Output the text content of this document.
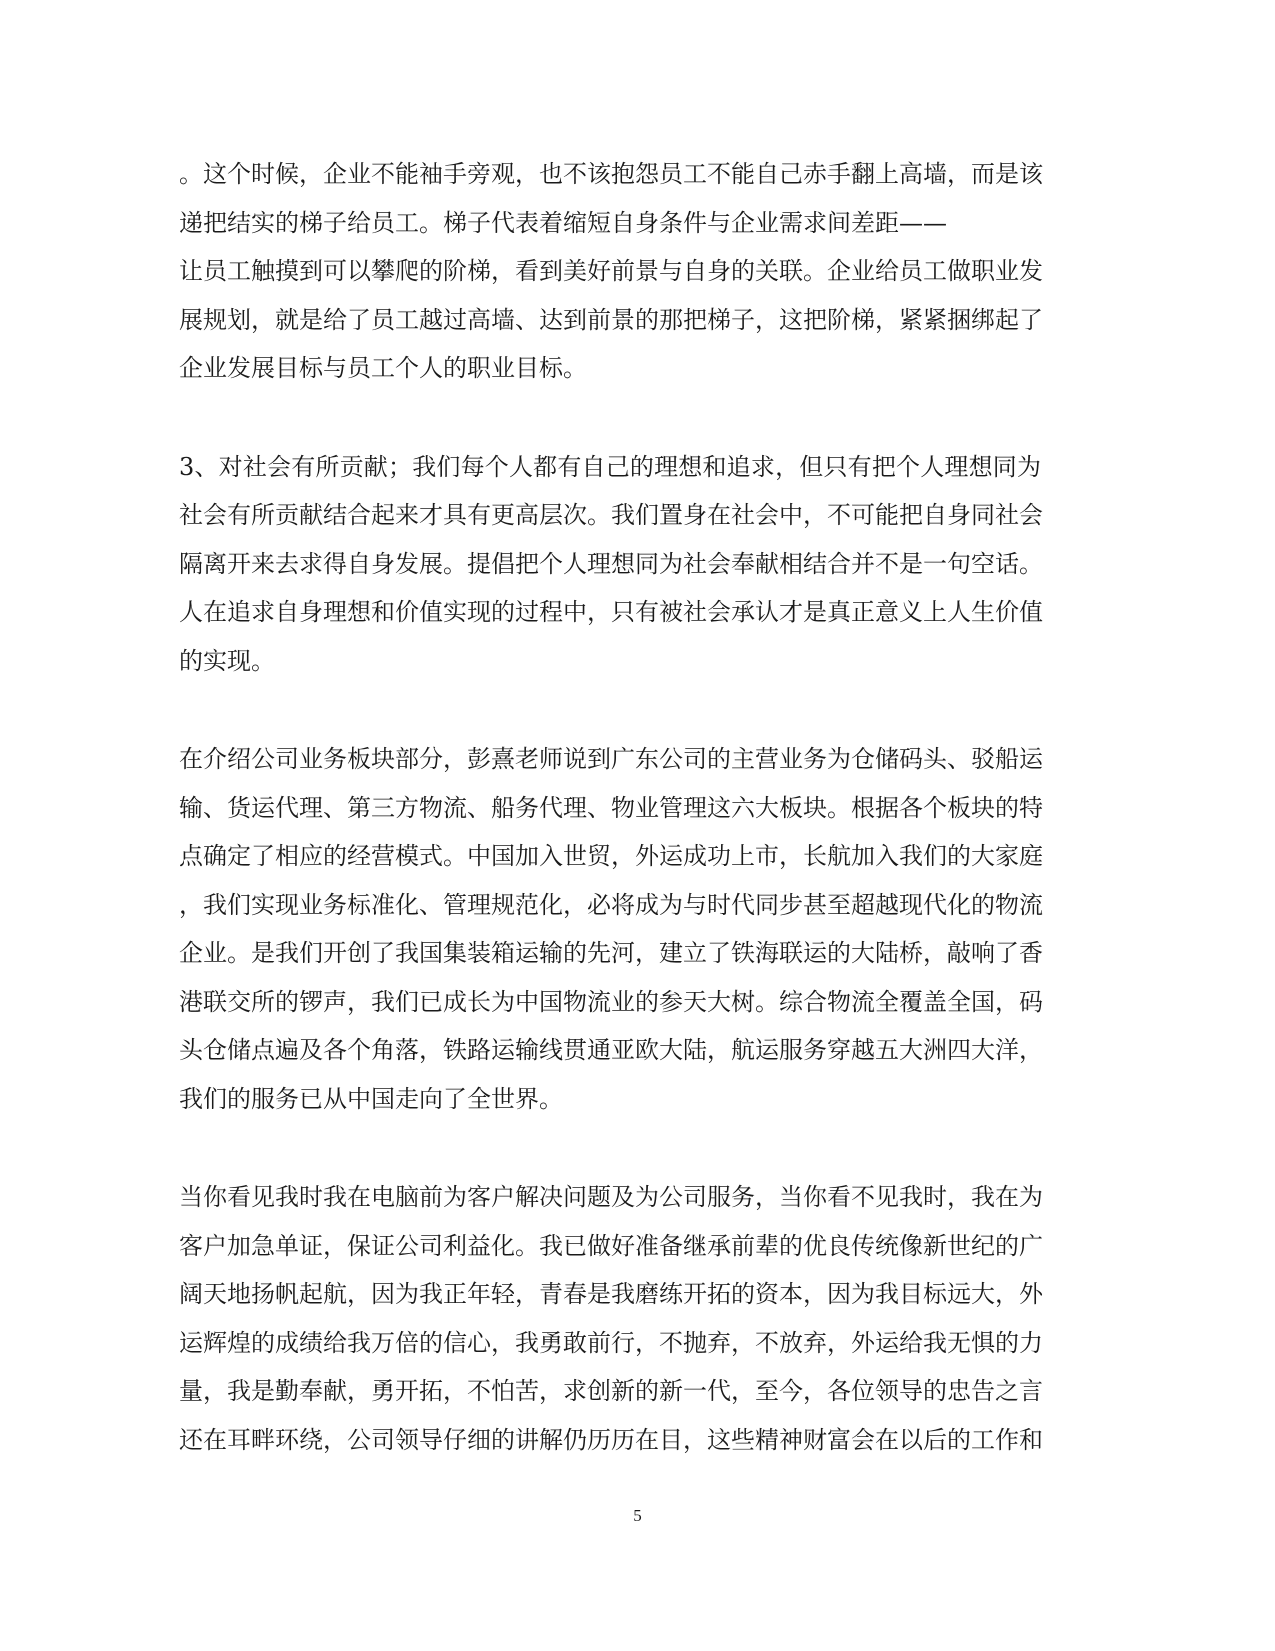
。这个时候，企业不能袖手旁观，也不该抱怨员工不能自己赤手翻上高墙，而是该
递把结实的梯子给员工。梯子代表着缩短自身条件与企业需求间差距——
让员工触摸到可以攀爬的阶梯，看到美好前景与自身的关联。企业给员工做职业发
展规划，就是给了员工越过高墙、达到前景的那把梯子，这把阶梯，紧紧捆绑起了
企业发展目标与员工个人的职业目标。
3、对社会有所贡献；我们每个人都有自己的理想和追求，但只有把个人理想同为
社会有所贡献结合起来才具有更高层次。我们置身在社会中，不可能把自身同社会
隔离开来去求得自身发展。提倡把个人理想同为社会奉献相结合并不是一句空话。
人在追求自身理想和价值实现的过程中，只有被社会承认才是真正意义上人生价值
的实现。
在介绍公司业务板块部分，彭熹老师说到广东公司的主营业务为仓储码头、驳船运
输、货运代理、第三方物流、船务代理、物业管理这六大板块。根据各个板块的特
点确定了相应的经营模式。中国加入世贸，外运成功上市，长航加入我们的大家庭
，我们实现业务标准化、管理规范化，必将成为与时代同步甚至超越现代化的物流
企业。是我们开创了我国集装箱运输的先河，建立了铁海联运的大陆桥，敲响了香
港联交所的锣声，我们已成长为中国物流业的参天大树。综合物流全覆盖全国，码
头仓储点遍及各个角落，铁路运输线贯通亚欧大陆，航运服务穿越五大洲四大洋，
我们的服务已从中国走向了全世界。
当你看见我时我在电脑前为客户解决问题及为公司服务，当你看不见我时，我在为
客户加急单证，保证公司利益化。我已做好准备继承前辈的优良传统像新世纪的广
阔天地扬帆起航，因为我正年轻，青春是我磨练开拓的资本，因为我目标远大，外
运辉煌的成绩给我万倍的信心，我勇敢前行，不抛弃，不放弃，外运给我无惧的力
量，我是勤奉献，勇开拓，不怕苦，求创新的新一代，至今，各位领导的忠告之言
还在耳畔环绕，公司领导仔细的讲解仍历历在目，这些精神财富会在以后的工作和
5
